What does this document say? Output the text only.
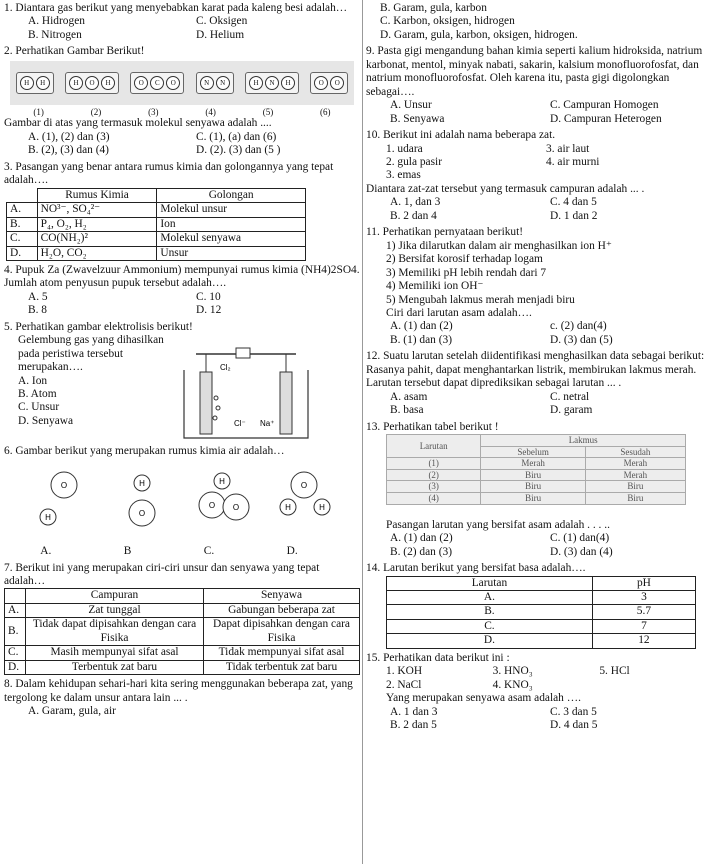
1. Diantara gas berikut yang menyebabkan karat pada kaleng besi adalah…
A. Hidrogen	C. Oksigen
B. Nitrogen	D. Helium
2. Perhatikan Gambar Berikut!
H	H	H	O	H	O	C	O	N	N	H	N	H	O	O
(1)	(2)	(3)	(4)	(5)	(6)
Gambar di atas yang termasuk molekul senyawa adalah ....
A. (1), (2) dan (3)	C. (1), (a) dan (6)
B. (2), (3) dan (4)	D. (2). (3) dan (5 )
3. Pasangan yang benar antara rumus kimia dan golongannya yang tepat adalah….
	Rumus Kimia	Golongan
A.	NO³⁻, SO₄²⁻	Molekul unsur
B.	P₄, O₂, H₂	Ion
C.	CO(NH₂)²	Molekul senyawa
D.	H₂O, CO₂	Unsur
4. Pupuk Za (Zwavelzuur Ammonium) mempunyai rumus kimia (NH4)2SO4. Jumlah atom penyusun pupuk tersebut adalah….
A. 5	C. 10
B. 8	D. 12
5. Perhatikan gambar elektrolisis berikut!
Gelembung gas yang dihasilkan pada peristiwa tersebut merupakan….
A. Ion
B. Atom
C. Unsur
D. Senyawa
Cl₂
Cl⁻ Na⁺
6. Gambar berikut yang merupakan rumus kimia air adalah…
O
H
H
O
H
O O
O
H	H
A.	B	C.	D.
7. Berikut ini yang merupakan ciri-ciri unsur dan senyawa yang tepat adalah…
	Campuran	Senyawa
A.	Zat tunggal	Gabungan beberapa zat
B.	Tidak dapat dipisahkan dengan cara Fisika	Dapat dipisahkan dengan cara Fisika
C.	Masih mempunyai sifat asal	Tidak mempunyai sifat asal
D.	Terbentuk zat baru	Tidak terbentuk zat baru
8. Dalam kehidupan sehari-hari kita sering menggunakan beberapa zat, yang tergolong ke dalam unsur antara lain ... .
A. Garam, gula, air
B. Garam, gula, karbon
C. Karbon, oksigen, hidrogen
D. Garam, gula, karbon, oksigen, hidrogen.
9. Pasta gigi mengandung bahan kimia seperti kalium hidroksida, natrium karbonat, mentol, minyak nabati, sakarin, kalsium monofluorofosfat, dan natrium monofluorofosfat. Oleh karena itu, pasta gigi digolongkan sebagai….
A. Unsur	C. Campuran Homogen
B. Senyawa	D. Campuran Heterogen
10. Berikut ini adalah nama beberapa zat.
1. udara	3. air laut
2. gula pasir	4. air murni
3. emas
Diantara zat-zat tersebut yang termasuk campuran adalah ... .
A. 1, dan 3	C. 4 dan 5
B. 2 dan 4	D. 1 dan 2
11. Perhatikan pernyataan berikut!
1) Jika dilarutkan dalam air menghasilkan ion H⁺
2) Bersifat korosif terhadap logam
3) Memiliki pH lebih rendah dari 7
4) Memiliki ion OH⁻
5) Mengubah lakmus merah menjadi biru
Ciri dari larutan asam adalah….
A. (1) dan (2)	c. (2) dan(4)
B. (1) dan (3)	D. (3) dan (5)
12. Suatu larutan setelah diidentifikasi menghasilkan data sebagai berikut: Rasanya pahit, dapat menghantarkan listrik, membirukan lakmus merah. Larutan tersebut dapat diprediksikan sebagai larutan ... .
A. asam	C. netral
B. basa	D. garam
13. Perhatikan tabel berikut !
Larutan	Lakmus	
	Sebelum	Sesudah
(1)	Merah	Merah
(2)	Biru	Merah
(3)	Biru	Biru
(4)	Biru	Biru
Pasangan larutan yang bersifat asam adalah . . . ..
A. (1) dan (2)	C. (1) dan(4)
B. (2) dan (3)	D. (3) dan (4)
14. Larutan berikut yang bersifat basa adalah….
Larutan	pH
A.	3
B.	5.7
C.	7
D.	12
15. Perhatikan data berikut ini :
1. KOH	3. HNO₃	5. HCl
2. NaCl	4. KNO₃
Yang merupakan senyawa asam adalah ….
A. 1 dan 3	C. 3 dan 5
B. 2 dan 5	D. 4 dan 5
